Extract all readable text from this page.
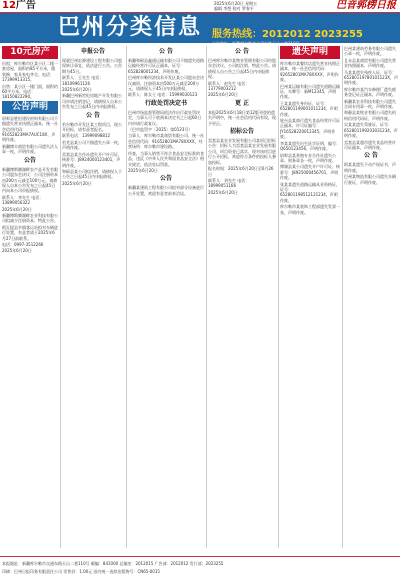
12广告	2025年6月20日 星期五
编辑 李想 校对 罗春平	巴音郭楞日报
巴州分类信息 服务热线：2012012 2023255
广告地址：新疆库尔勒市交通东路天山二巷110号
10元房产

出租：库尔勒市区某小区二楼一套房屋，面积约85平方米，精装修，家具家电齐全。电话：17399913315。

出售：某小区一楼门面，面积约60平方米。电话：18150822290。

公告声明

尉犁县胜恒建设材料有限公司不慎遗失营业执照正副本，统一社会信用代码：91652823MA7AUC18X，声明作废。

新疆博丰商贸有限公司遗失法人章一枚，声明作废。

公告

新疆博斯腾湖畔农产品开发有限公司股东会决议：公司注册资本由200万元减至100万元。请债权人自本公告发布之日起45日内向本公司申报债权。

联系人：李先生 电话：13899056322

2025年6月20日

新疆博斯腾湖畔农业科技有限公司拟减少注册资本，特此公告。

阿瓦提县乡镇客运站拟对车辆进行处置，有意者请于2025年6月27日前联系。

电话：0997-3512266

2025年6月20日

申报公告

现就巴州宏源建设工程有限公司股权转让事宜，依法进行公告。公告期为45日。

联系人：王先生 电话：18109961126

2025年6月20日

新疆巴州新世纪房地产开发有限公司申请注销登记，请债权人自本公告发布之日起45日内申报债权。

公 告

若尔勒市开发区某工程项目，现公开招标，请有意者报名。

联系电话：13999098812

若羌县某公司不慎遗失公章一枚，声明作废。

焉耆县某合作社遗失开户许可证，核准号：J8924000123401，声明作废。

和硕县某公司拟注销，请债权人于公告之日起45日内申报债权。

2025年6月20日

公 告

新疆和硕县鑫通运输有限公司不慎遗失道路运输经营许可证正副本，证号：652828001234，声明作废。

巴州库尔勒经济技术开发区某公司股东会决议减资，注册资本由500万元减至200万元，请债权人于45日内申报债权。

联系人：陈女士 电话：15999030123

行政处罚决定书

巴州市场监督管理局依法作出行政处罚决定，当事人可于收到本决定书之日起60日内申请行政复议。

（巴市监罚字〔2025〕第0123号）

当事人：库尔勒市某商贸有限公司，统一社会信用代码：91652801MA78XXXX，经营场所：库尔勒市建设路。

经查，当事人销售不符合食品安全标准的食品，违反《中华人民共和国食品安全法》相关规定，依法处以罚款。

2025年6月20日

公告

新疆某建筑工程有限公司拟对部分设备进行公开处置，欢迎有意者前来洽谈。

公 告

巴州库尔勒市某物业管理有限公司经股东会决议，公司拟注销，特此公告。请债权人自公告之日起45日内申报债权。

联系人：赵先生 电话：13779003212

2025年6月20日

更 正

本报2025年6月18日第12版刊登的遗失声明中，统一社会信用代码有误，现予更正。

招标公告

焉耆县某农业发展有限公司某项目招标公告：招标人为焉耆县某农业发展有限公司，项目资金已落实，现对该项目进行公开招标，欢迎符合条件的投标人参加投标。

报名时间：2025年6月20日至6月26日

联系人：刘先生 电话：18999051166

2025年6月20日

遗失声明

库尔勒市某餐饮店遗失营业执照正副本，统一社会信用代码：92652801MA78XXXX，声明作废。

巴州某运输有限公司遗失道路运输证，车牌号：新M12345，声明作废。

王某某遗失身份证，证号：652801199001011234，声明作废。

轮台县某商行遗失食品经营许可证正副本，许可证编号：JY16528220012345，声明作废。

李某某遗失出生医学证明，编号：Q650123456，声明作废。

尉犁县某养殖专业合作社遗失公章、财务章各一枚，声明作废。

博湖县某公司遗失开户许可证，核准号：J8925000456701，声明作废。

张某某遗失道路运输从业资格证，证号：652801198512121234，声明作废。

库尔勒市某装饰工程部遗失发票一张，声明作废。

巴州某建筑劳务有限公司遗失公章一枚，声明作废。

且末县某商贸有限公司遗失营业执照副本，声明作废。

马某某遗失残疾人证，证号：65280119780101123X，声明作废。

库尔勒市某汽车修理厂遗失税务登记证正副本，声明作废。

新疆某农业科技有限公司遗失合同专用章一枚，声明作废。

和静县某牧业有限公司遗失机构信用代码证，声明作废。

吴某某遗失驾驶证，证号：652801199203031234，声明作废。

焉耆县某超市遗失食品经营许可证副本，声明作废。

公 告

阿某某遗失不动产权证书，声明作废。

巴州某物流有限公司遗失车辆行驶证，声明作废。

本报地址：新疆库尔勒市交通东路天山二巷110号 邮编：841000 总编室：2012015 广告部：2012012 发行部：2023255
印刷：巴州日报印务有限责任公司 零售价：1.00元 国内统一连续出版物号：CN65-0015
